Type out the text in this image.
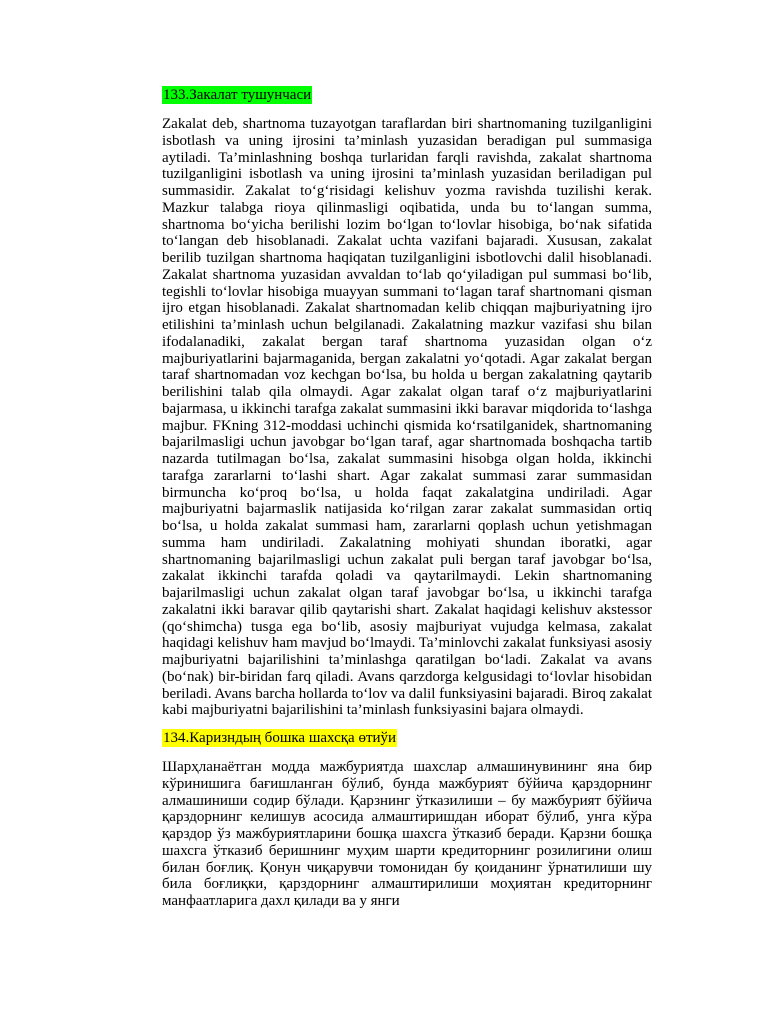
133.Закалат тушунчаси

Zakalat deb, shartnoma tuzayotgan taraflardan biri shartnomaning tuzilganligini isbotlash va uning ijrosini ta’minlash yuzasidan beradigan pul summasiga aytiladi. Ta’minlashning boshqa turlaridan farqli ravishda, zakalat shartnoma tuzilganligini isbotlash va uning ijrosini ta’minlash yuzasidan beriladigan pul summasidir. Zakalat to‘g‘risidagi kelishuv yozma ravishda tuzilishi kerak. Mazkur talabga rioya qilinmasligi oqibatida, unda bu to‘langan summa, shartnoma bo‘yicha berilishi lozim bo‘lgan to‘lovlar hisobiga, bo‘nak sifatida to‘langan deb hisoblanadi. Zakalat uchta vazifani bajaradi. Xususan, zakalat berilib tuzilgan shartnoma haqiqatan tuzilganligini isbotlovchi dalil hisoblanadi. Zakalat shartnoma yuzasidan avvaldan to‘lab qo‘yiladigan pul summasi bo‘lib, tegishli to‘lovlar hisobiga muayyan summani to‘lagan taraf shartnomani qisman ijro etgan hisoblanadi. Zakalat shartnomadan kelib chiqqan majburiyatning ijro etilishini ta’minlash uchun belgilanadi. Zakalatning mazkur vazifasi shu bilan ifodalanadiki, zakalat bergan taraf shartnoma yuzasidan olgan o‘z majburiyatlarini bajarmaganida, bergan zakalatni yo‘qotadi. Agar zakalat bergan taraf shartnomadan voz kechgan bo‘lsa, bu holda u bergan zakalatning qaytarib berilishini talab qila olmaydi. Agar zakalat olgan taraf o‘z majburiyatlarini bajarmasa, u ikkinchi tarafga zakalat summasini ikki baravar miqdorida to‘lashga majbur. FKning 312-moddasi uchinchi qismida ko‘rsatilganidek, shartnomaning bajarilmasligi uchun javobgar bo‘lgan taraf, agar shartnomada boshqacha tartib nazarda tutilmagan bo‘lsa, zakalat summasini hisobga olgan holda, ikkinchi tarafga zararlarni to‘lashi shart. Agar zakalat summasi zarar summasidan birmuncha ko‘proq bo‘lsa, u holda faqat zakalatgina undiriladi. Agar majburiyatni bajarmaslik natijasida ko‘rilgan zarar zakalat summasidan ortiq bo‘lsa, u holda zakalat summasi ham, zararlarni qoplash uchun yetishmagan summa ham undiriladi. Zakalatning mohiyati shundan iboratki, agar shartnomaning bajarilmasligi uchun zakalat puli bergan taraf javobgar bo‘lsa, zakalat ikkinchi tarafda qoladi va qaytarilmaydi. Lekin shartnomaning bajarilmasligi uchun zakalat olgan taraf javobgar bo‘lsa, u ikkinchi tarafga zakalatni ikki baravar qilib qaytarishi shart. Zakalat haqidagi kelishuv akstessor (qo‘shimcha) tusga ega bo‘lib, asosiy majburiyat vujudga kelmasa, zakalat haqidagi kelishuv ham mavjud bo‘lmaydi. Ta’minlovchi zakalat funksiyasi asosiy majburiyatni bajarilishini ta’minlashga qaratilgan bo‘ladi. Zakalat va avans (bo‘nak) bir-biridan farq qiladi. Avans qarzdorga kelgusidagi to‘lovlar hisobidan beriladi. Avans barcha hollarda to‘lov va dalil funksiyasini bajaradi. Biroq zakalat kabi majburiyatni bajarilishini ta’minlash funksiyasini bajara olmaydi.

134.Каризндың бошка шахсқа өтиўи

Шарҳланаётган модда мажбуриятда шахслар алмашинувининг яна бир кўринишига бағишланган бўлиб, бунда мажбурият бўйича қарздорнинг алмашиниши содир бўлади. Қарзнинг ўтказилиши – бу мажбурият бўйича қарздорнинг келишув асосида алмаштиришдан иборат бўлиб, унга кўра қарздор ўз мажбуриятларини бошқа шахсга ўтказиб беради. Қарзни бошқа шахсга ўтказиб беришнинг муҳим шарти кредиторнинг розилигини олиш билан боғлиқ. Қонун чиқарувчи томонидан бу қоиданинг ўрнатилиши шу била боғлиқки, қарздорнинг алмаштирилиши моҳиятан кредиторнинг манфаатларига дахл қилади ва у янги
